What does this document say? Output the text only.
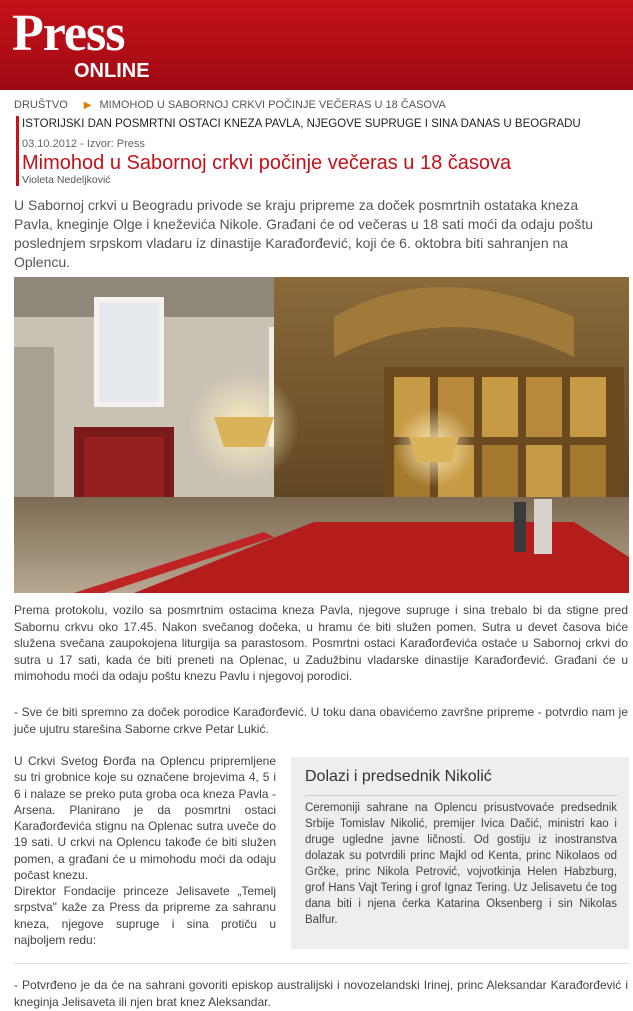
Press
ONLINE
DRUŠTVO ▶ MIMOHOD U SABORNOJ CRKVI POČINJE VEČERAS U 18 ČASOVA
ISTORIJSKI DAN POSMRTNI OSTACI KNEZA PAVLA, NJEGOVE SUPRUGE I SINA DANAS U BEOGRADU
03.10.2012 - Izvor: Press
Mimohod u Sabornoj crkvi počinje večeras u 18 časova
Violeta Nedeljković
U Sabornoj crkvi u Beogradu privode se kraju pripreme za doček posmrtnih ostataka kneza Pavla, kneginje Olge i kneževića Nikole. Građani će od večeras u 18 sati moći da odaju poštu poslednjem srpskom vladaru iz dinastije Karađorđević, koji će 6. oktobra biti sahranjen na Oplencu.
Prema protokolu, vozilo sa posmrtnim ostacima kneza Pavla, njegove supruge i sina trebalo bi da stigne pred Sabornu crkvu oko 17.45. Nakon svečanog dočeka, u hramu će biti služen pomen. Sutra u devet časova biće služena svečana zaupokojena liturgija sa parastosom. Posmrtni ostaci Karađorđevića ostaće u Sabornoj crkvi do sutra u 17 sati, kada će biti preneti na Oplenac, u Zadužbinu vladarske dinastije Karađorđević. Građani će u mimohodu moći da odaju poštu knezu Pavlu i njegovoj porodici.
- Sve će biti spremno za doček porodice Karađorđević. U toku dana obavićemo završne pripreme - potvrdio nam je juče ujutru starešina Saborne crkve Petar Lukić.
U Crkvi Svetog Đorđa na Oplencu pripremljene su tri grobnice koje su označene brojevima 4, 5 i 6 i nalaze se preko puta groba oca kneza Pavla - Arsena. Planirano je da posmrtni ostaci Karađorđevića stignu na Oplenac sutra uveče do 19 sati. U crkvi na Oplencu takođe će biti služen pomen, a građani će u mimohodu moći da odaju počast knezu.
Direktor Fondacije princeze Jelisavete „Temelj srpstva" kaže za Press da pripreme za sahranu kneza, njegove supruge i sina protiču u najboljem redu:
Dolazi i predsednik Nikolić
Ceremoniji sahrane na Oplencu prisustvovaće predsednik Srbije Tomislav Nikolić, premijer Ivica Dačić, ministri kao i druge ugledne javne ličnosti. Od gostiju iz inostranstva dolazak su potvrdili princ Majkl od Kenta, princ Nikolaos od Grčke, princ Nikola Petrović, vojvotkinja Helen Habzburg, grof Hans Vajt Tering i grof Ignaz Tering. Uz Jelisavetu će tog dana biti i njena ćerka Katarina Oksenberg i sin Nikolas Balfur.
- Potvrđeno je da će na sahrani govoriti episkop australijski i novozelandski Irinej, princ Aleksandar Karađorđević i kneginja Jelisaveta ili njen brat knez Aleksandar.
